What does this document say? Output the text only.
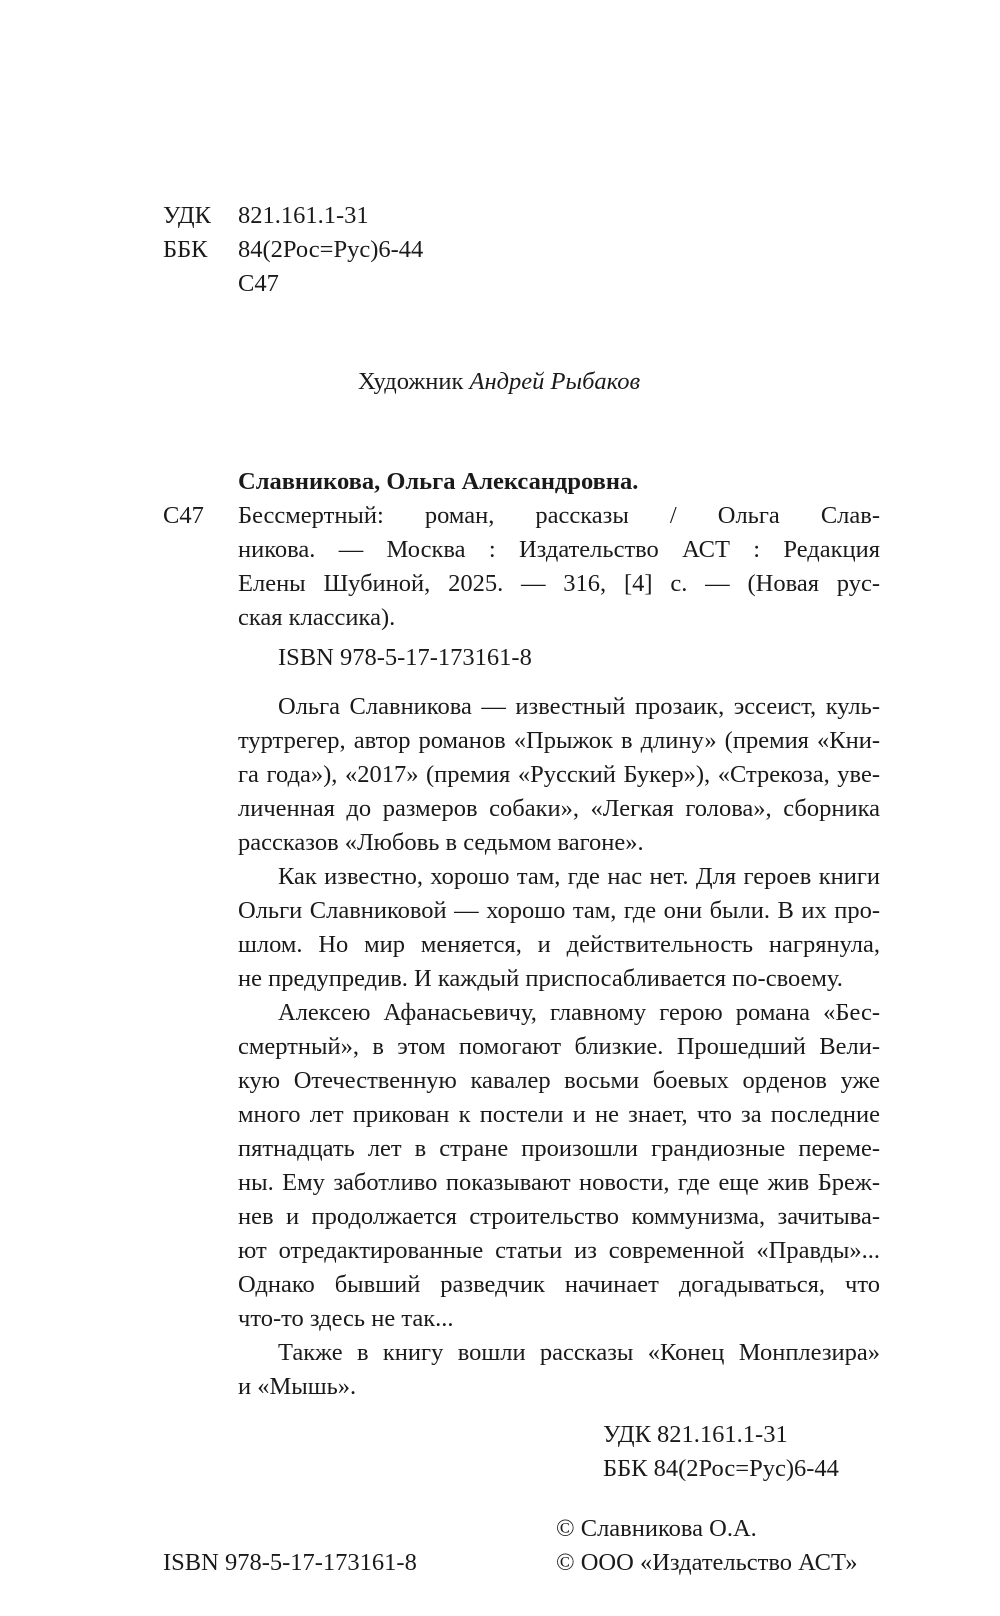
УДК 821.161.1-31
ББК 84(2Рос=Рус)6-44
С47
Художник Андрей Рыбаков
Славникова, Ольга Александровна.
С47 Бессмертный: роман, рассказы / Ольга Слав-
никова. — Москва : Издательство АСТ : Редакция
Елены Шубиной, 2025. — 316, [4] с. — (Новая рус-
ская классика).
ISBN 978-5-17-173161-8
Ольга Славникова — известный прозаик, эссеист, куль-
туртрегер, автор романов «Прыжок в длину» (премия «Кни-
га года»), «2017» (премия «Русский Букер»), «Стрекоза, уве-
личенная до размеров собаки», «Легкая голова», сборника
рассказов «Любовь в седьмом вагоне».
Как известно, хорошо там, где нас нет. Для героев книги
Ольги Славниковой — хорошо там, где они были. В их про-
шлом. Но мир меняется, и действительность нагрянула,
не предупредив. И каждый приспосабливается по-своему.
Алексею Афанасьевичу, главному герою романа «Бес-
смертный», в этом помогают близкие. Прошедший Вели-
кую Отечественную кавалер восьми боевых орденов уже
много лет прикован к постели и не знает, что за последние
пятнадцать лет в стране произошли грандиозные переме-
ны. Ему заботливо показывают новости, где еще жив Бреж-
нев и продолжается строительство коммунизма, зачитыва-
ют отредактированные статьи из современной «Правды»...
Однако бывший разведчик начинает догадываться, что
что-то здесь не так...
Также в книгу вошли рассказы «Конец Монплезира»
и «Мышь».
УДК 821.161.1-31
ББК 84(2Рос=Рус)6-44
ISBN 978-5-17-173161-8
© Славникова О.А.
© ООО «Издательство АСТ»
